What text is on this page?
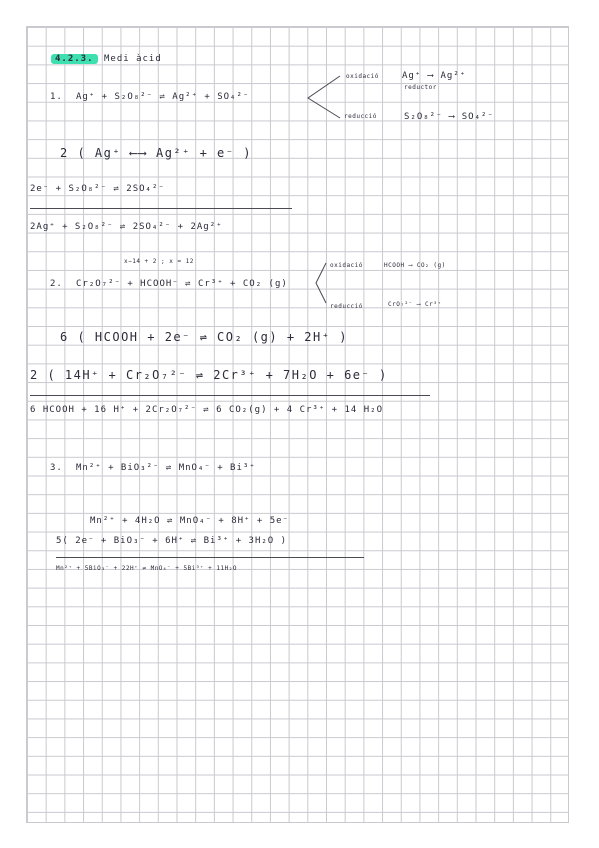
4.2.3.	Medi àcid
1. Ag⁺ + S₂O₈²⁻ ⇌ Ag²⁺ + SO₄²⁻
oxidació	Ag⁺ ⟶ Ag²⁺
reductor
reducció	S₂O₈²⁻ ⟶ SO₄²⁻
2 ( Ag⁺ ⟵⟶ Ag²⁺ + e⁻ )
2e⁻ + S₂O₈²⁻ ⇌ 2SO₄²⁻
2Ag⁺ + S₂O₈²⁻ ⇌ 2SO₄²⁻ + 2Ag²⁺
x−14 + 2 ; x = 12
2. Cr₂O₇²⁻ + HCOOH⁻ ⇌ Cr³⁺ + CO₂ (g)
oxidació	HCOOH ⟶ CO₂ (g)
reducció	CrO₇²⁻ ⟶ Cr³⁺
6 ( HCOOH + 2e⁻ ⇌ CO₂ (g) + 2H⁺ )
2 ( 14H⁺ + Cr₂O₇²⁻ ⇌ 2Cr³⁺ + 7H₂O + 6e⁻ )
6 HCOOH + 16 H⁺ + 2Cr₂O₇²⁻ ⇌ 6 CO₂(g) + 4 Cr³⁺ + 14 H₂O
3. Mn²⁺ + BiO₃²⁻ ⇌ MnO₄⁻ + Bi³⁺
Mn²⁺ + 4H₂O ⇌ MnO₄⁻ + 8H⁺ + 5e⁻
5( 2e⁻ + BiO₃⁻ + 6H⁺ ⇌ Bi³⁺ + 3H₂O )
Mn²⁺ + 5BiO₃⁻ + 22H⁺ ⇌ MnO₄⁻ + 5Bi³⁺ + 11H₂O
